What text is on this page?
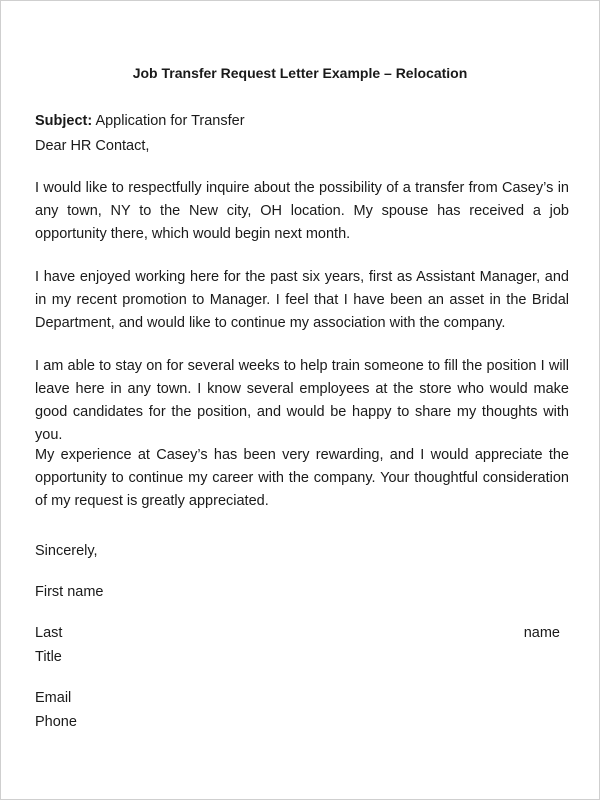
Job Transfer Request Letter Example – Relocation

Subject: Application for Transfer

Dear HR Contact,

I would like to respectfully inquire about the possibility of a transfer from Casey’s in any town, NY to the New city, OH location. My spouse has received a job opportunity there, which would begin next month.

I have enjoyed working here for the past six years, first as Assistant Manager, and in my recent promotion to Manager. I feel that I have been an asset in the Bridal Department, and would like to continue my association with the company.

I am able to stay on for several weeks to help train someone to fill the position I will leave here in any town. I know several employees at the store who would make good candidates for the position, and would be happy to share my thoughts with you.

My experience at Casey’s has been very rewarding, and I would appreciate the opportunity to continue my career with the company. Your thoughtful consideration of my request is greatly appreciated.

Sincerely,

First name

Last	name

Title

Email

Phone
